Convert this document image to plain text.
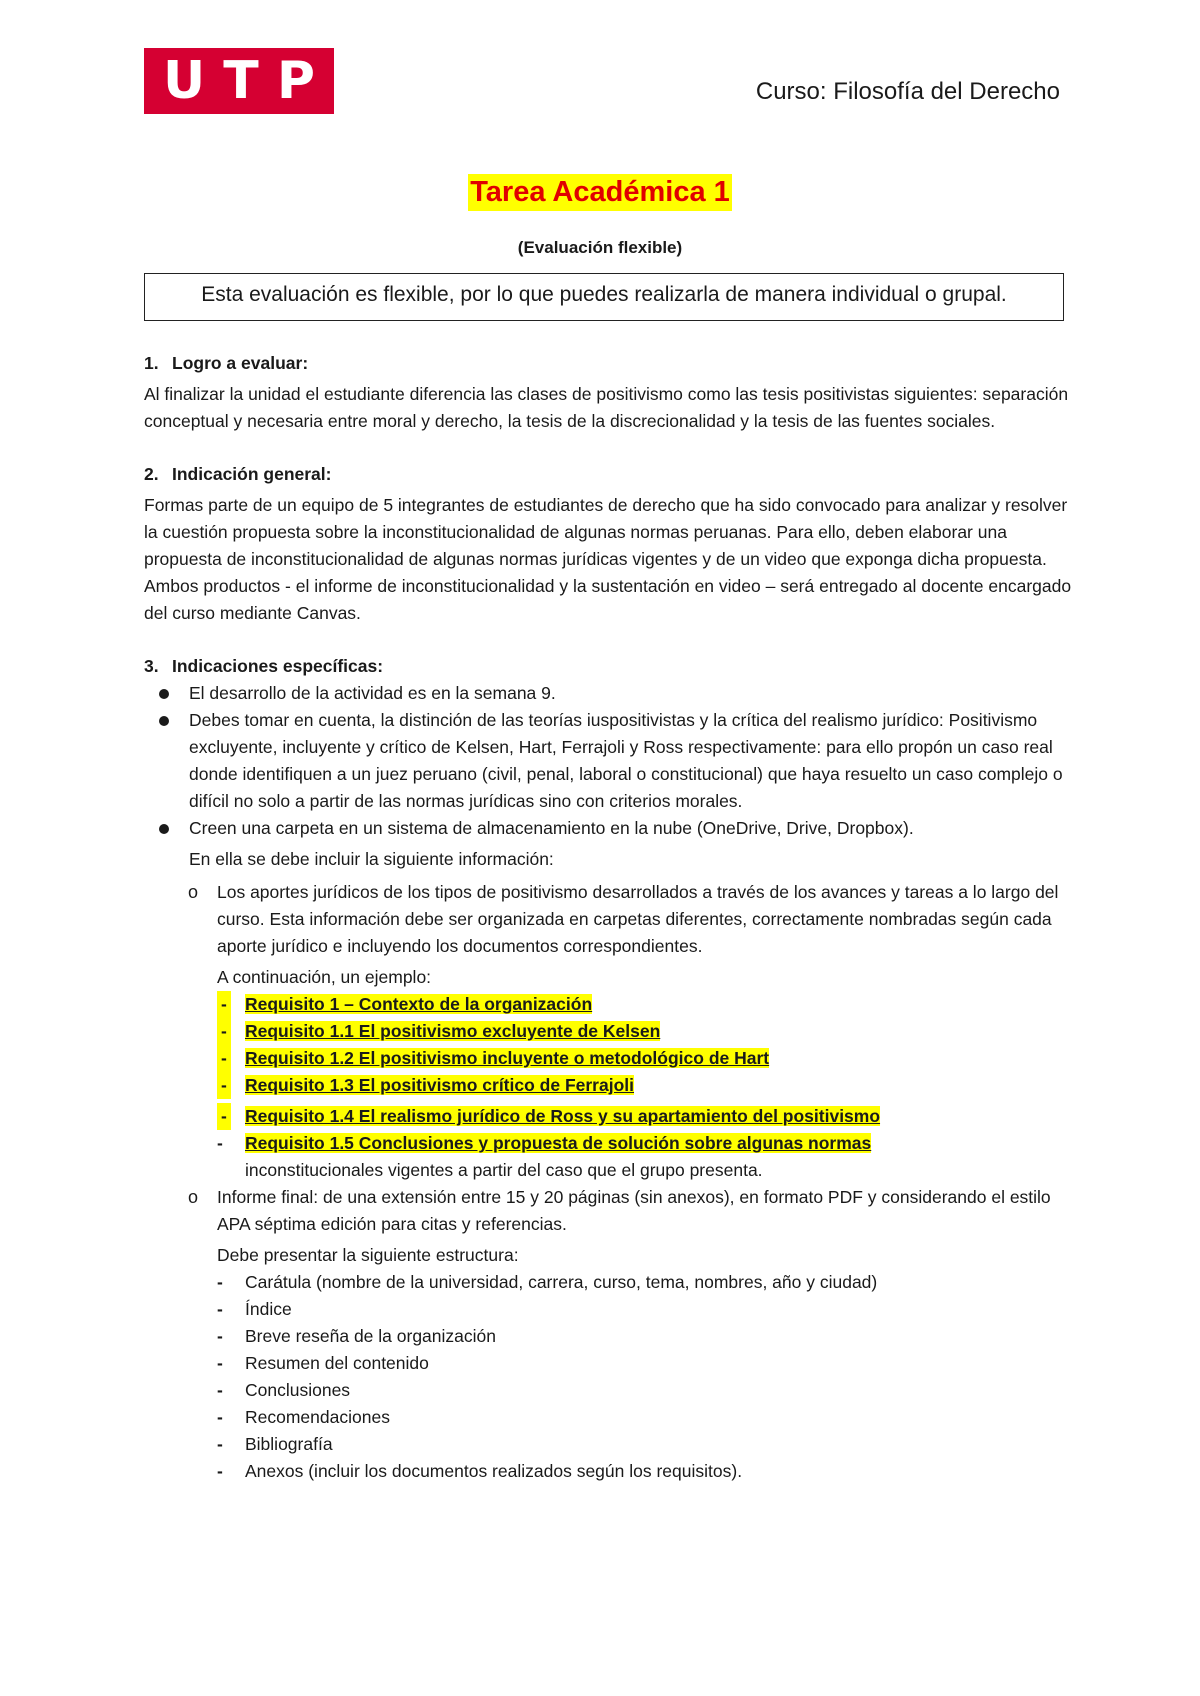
U T P	Curso: Filosofía del Derecho
Tarea Académica 1
(Evaluación flexible)
Esta evaluación es flexible, por lo que puedes realizarla de manera individual o grupal.

1. Logro a evaluar:

Al finalizar la unidad el estudiante diferencia las clases de positivismo como las tesis positivistas siguientes: separación conceptual y necesaria entre moral y derecho, la tesis de la discrecionalidad y la tesis de las fuentes sociales.

2. Indicación general:

Formas parte de un equipo de 5 integrantes de estudiantes de derecho que ha sido convocado para analizar y resolver la cuestión propuesta sobre la inconstitucionalidad de algunas normas peruanas. Para ello, deben elaborar una propuesta de inconstitucionalidad de algunas normas jurídicas vigentes y de un video que exponga dicha propuesta. Ambos productos - el informe de inconstitucionalidad y la sustentación en video – será entregado al docente encargado del curso mediante Canvas.

3. Indicaciones específicas:

El desarrollo de la actividad es en la semana 9.
Debes tomar en cuenta, la distinción de las teorías iuspositivistas y la crítica del realismo jurídico: Positivismo excluyente, incluyente y crítico de Kelsen, Hart, Ferrajoli y Ross respectivamente: para ello propón un caso real donde identifiquen a un juez peruano (civil, penal, laboral o constitucional) que haya resuelto un caso complejo o difícil no solo a partir de las normas jurídicas sino con criterios morales.
Creen una carpeta en un sistema de almacenamiento en la nube (OneDrive, Drive, Dropbox).
En ella se debe incluir la siguiente información:
o Los aportes jurídicos de los tipos de positivismo desarrollados a través de los avances y tareas a lo largo del curso. Esta información debe ser organizada en carpetas diferentes, correctamente nombradas según cada aporte jurídico e incluyendo los documentos correspondientes.
A continuación, un ejemplo:
- Requisito 1 – Contexto de la organización
- Requisito 1.1 El positivismo excluyente de Kelsen
- Requisito 1.2 El positivismo incluyente o metodológico de Hart
- Requisito 1.3 El positivismo crítico de Ferrajoli
- Requisito 1.4 El realismo jurídico de Ross y su apartamiento del positivismo
- Requisito 1.5 Conclusiones y propuesta de solución sobre algunas normas
inconstitucionales vigentes a partir del caso que el grupo presenta.
o Informe final: de una extensión entre 15 y 20 páginas (sin anexos), en formato PDF y considerando el estilo APA séptima edición para citas y referencias.
Debe presentar la siguiente estructura:
- Carátula (nombre de la universidad, carrera, curso, tema, nombres, año y ciudad)
- Índice
- Breve reseña de la organización
- Resumen del contenido
- Conclusiones
- Recomendaciones
- Bibliografía
- Anexos (incluir los documentos realizados según los requisitos).
